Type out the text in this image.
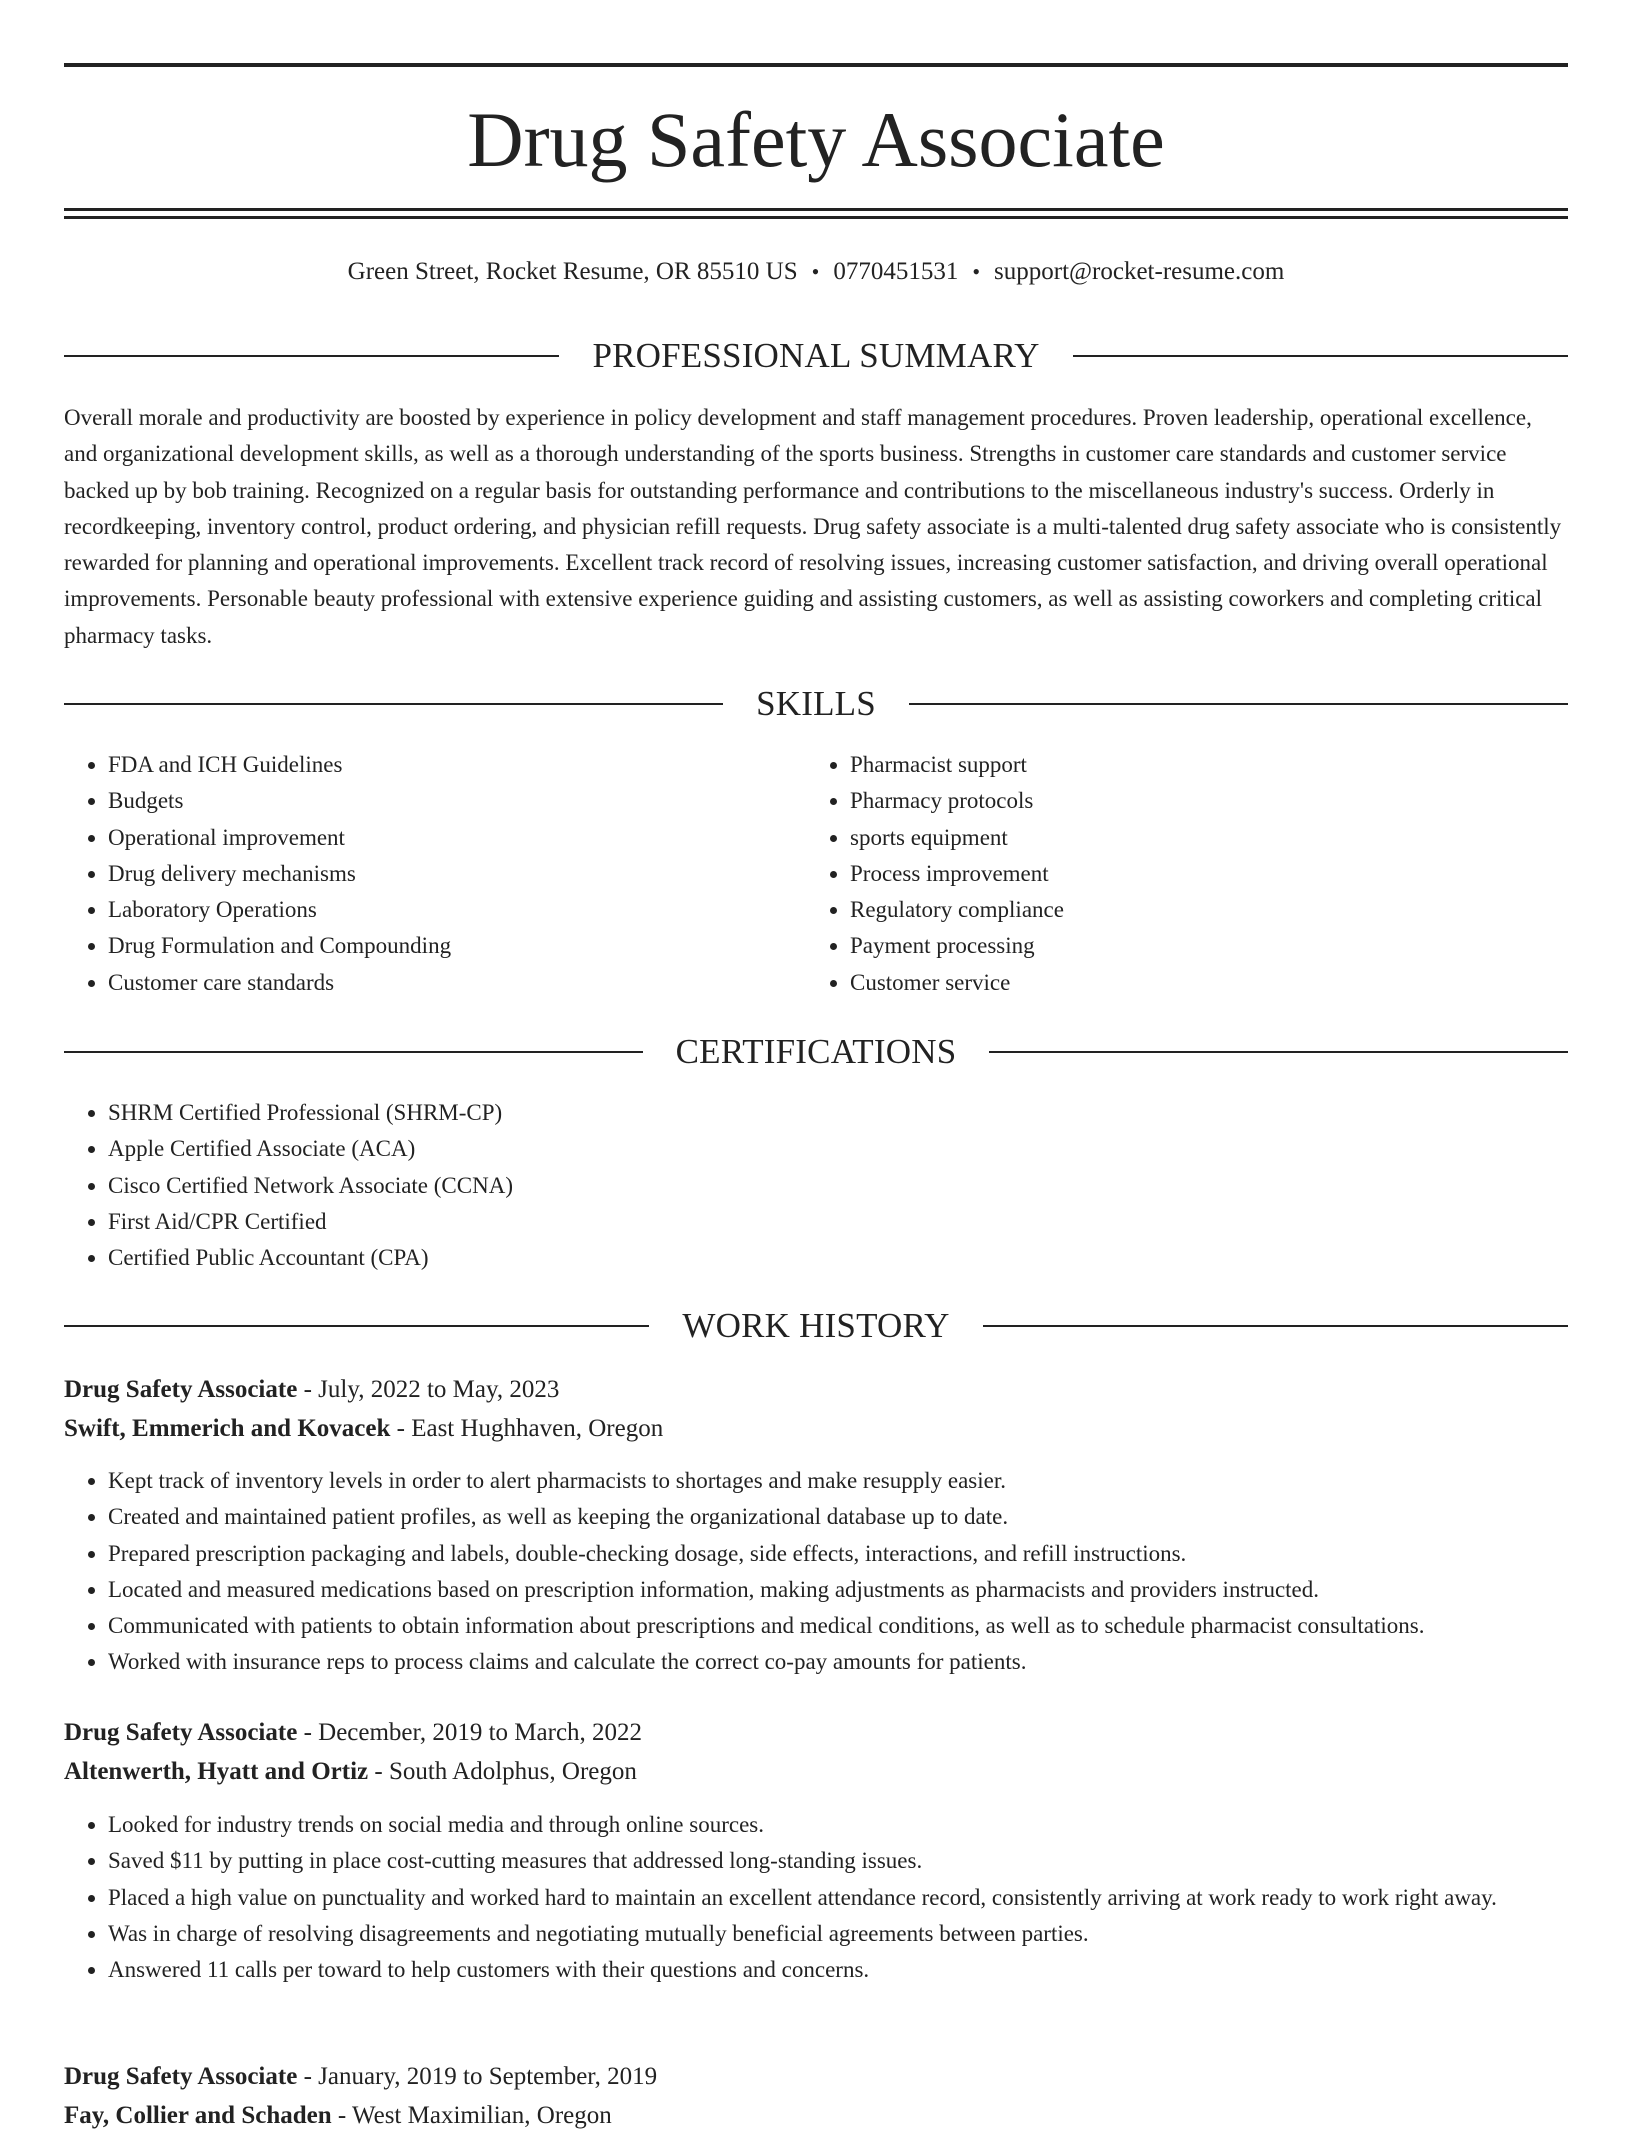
Drug Safety Associate
Green Street, Rocket Resume, OR 85510 US • 0770451531 • support@rocket-resume.com
PROFESSIONAL SUMMARY

Overall morale and productivity are boosted by experience in policy development and staff management procedures. Proven leadership, operational excellence, and organizational development skills, as well as a thorough understanding of the sports business. Strengths in customer care standards and customer service backed up by bob training. Recognized on a regular basis for outstanding performance and contributions to the miscellaneous industry's success. Orderly in recordkeeping, inventory control, product ordering, and physician refill requests. Drug safety associate is a multi-talented drug safety associate who is consistently rewarded for planning and operational improvements. Excellent track record of resolving issues, increasing customer satisfaction, and driving overall operational improvements. Personable beauty professional with extensive experience guiding and assisting customers, as well as assisting coworkers and completing critical pharmacy tasks.

SKILLS
• FDA and ICH Guidelines
• Budgets
• Operational improvement
• Drug delivery mechanisms
• Laboratory Operations
• Drug Formulation and Compounding
• Customer care standards
• Pharmacist support
• Pharmacy protocols
• sports equipment
• Process improvement
• Regulatory compliance
• Payment processing
• Customer service
CERTIFICATIONS
• SHRM Certified Professional (SHRM-CP)
• Apple Certified Associate (ACA)
• Cisco Certified Network Associate (CCNA)
• First Aid/CPR Certified
• Certified Public Accountant (CPA)
WORK HISTORY
Drug Safety Associate - July, 2022 to May, 2023
Swift, Emmerich and Kovacek - East Hughhaven, Oregon
• Kept track of inventory levels in order to alert pharmacists to shortages and make resupply easier.
• Created and maintained patient profiles, as well as keeping the organizational database up to date.
• Prepared prescription packaging and labels, double-checking dosage, side effects, interactions, and refill instructions.
• Located and measured medications based on prescription information, making adjustments as pharmacists and providers instructed.
• Communicated with patients to obtain information about prescriptions and medical conditions, as well as to schedule pharmacist consultations.
• Worked with insurance reps to process claims and calculate the correct co-pay amounts for patients.
Drug Safety Associate - December, 2019 to March, 2022
Altenwerth, Hyatt and Ortiz - South Adolphus, Oregon
• Looked for industry trends on social media and through online sources.
• Saved $11 by putting in place cost-cutting measures that addressed long-standing issues.
• Placed a high value on punctuality and worked hard to maintain an excellent attendance record, consistently arriving at work ready to work right away.
• Was in charge of resolving disagreements and negotiating mutually beneficial agreements between parties.
• Answered 11 calls per toward to help customers with their questions and concerns.
Drug Safety Associate - January, 2019 to September, 2019
Fay, Collier and Schaden - West Maximilian, Oregon
